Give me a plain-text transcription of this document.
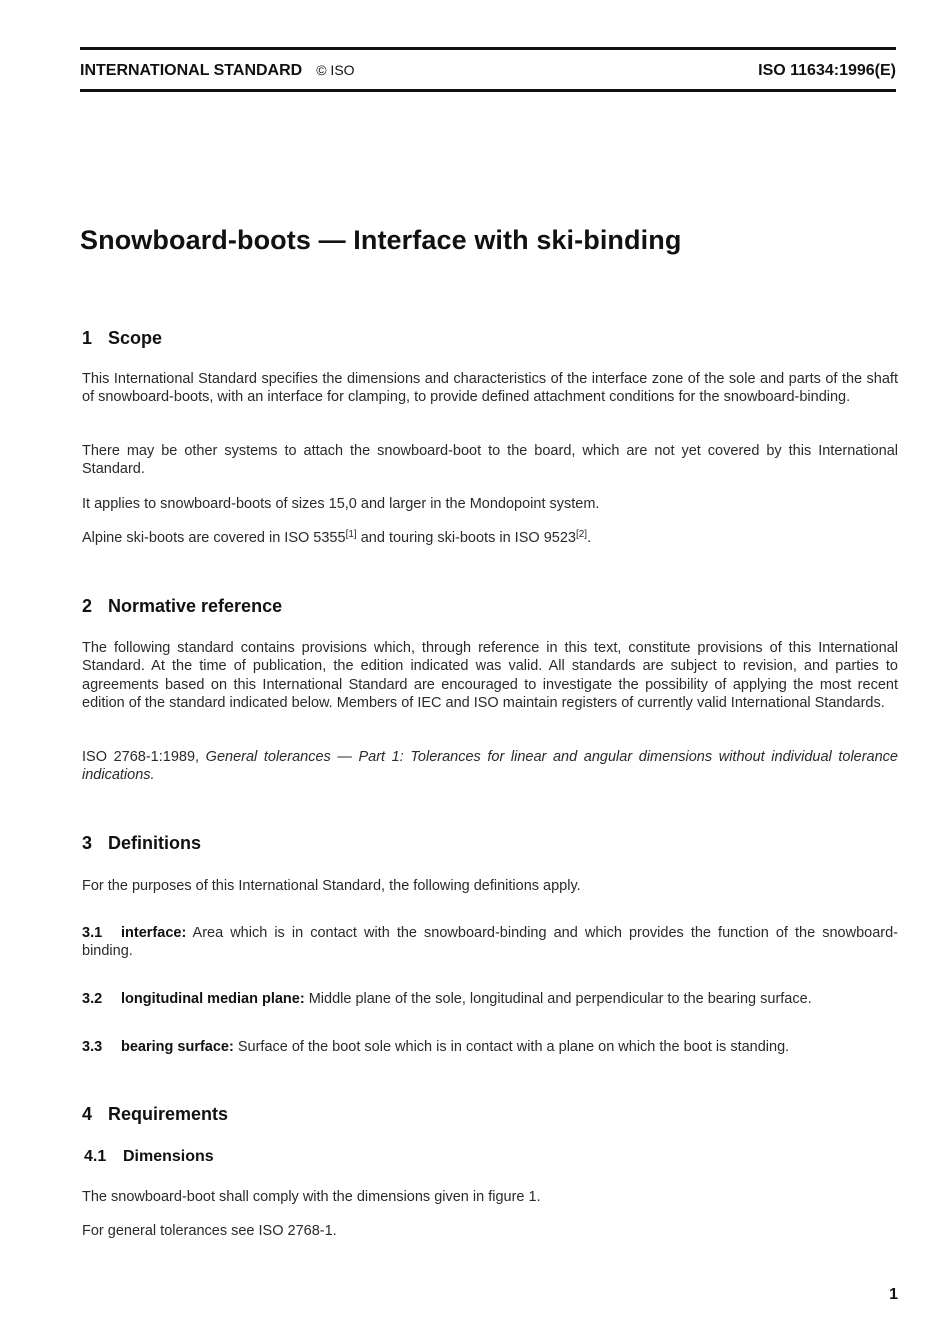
INTERNATIONAL STANDARD © ISO	ISO 11634:1996(E)
Snowboard-boots — Interface with ski-binding
1 Scope

This International Standard specifies the dimensions and characteristics of the interface zone of the sole and parts of the shaft of snowboard-boots, with an interface for clamping, to provide defined attachment conditions for the snowboard-binding.

There may be other systems to attach the snowboard-boot to the board, which are not yet covered by this International Standard.

It applies to snowboard-boots of sizes 15,0 and larger in the Mondopoint system.

Alpine ski-boots are covered in ISO 5355[1] and touring ski-boots in ISO 9523[2].

2 Normative reference

The following standard contains provisions which, through reference in this text, constitute provisions of this International Standard. At the time of publication, the edition indicated was valid. All standards are subject to revision, and parties to agreements based on this International Standard are encouraged to investigate the possibility of applying the most recent edition of the standard indicated below. Members of IEC and ISO maintain registers of currently valid International Standards.

ISO 2768-1:1989, General tolerances — Part 1: Tolerances for linear and angular dimensions without individual tolerance indications.

3 Definitions

For the purposes of this International Standard, the following definitions apply.

3.1 interface: Area which is in contact with the snowboard-binding and which provides the function of the snowboard-binding.

3.2 longitudinal median plane: Middle plane of the sole, longitudinal and perpendicular to the bearing surface.

3.3 bearing surface: Surface of the boot sole which is in contact with a plane on which the boot is standing.

4 Requirements
4.1 Dimensions

The snowboard-boot shall comply with the dimensions given in figure 1.

For general tolerances see ISO 2768-1.

1
